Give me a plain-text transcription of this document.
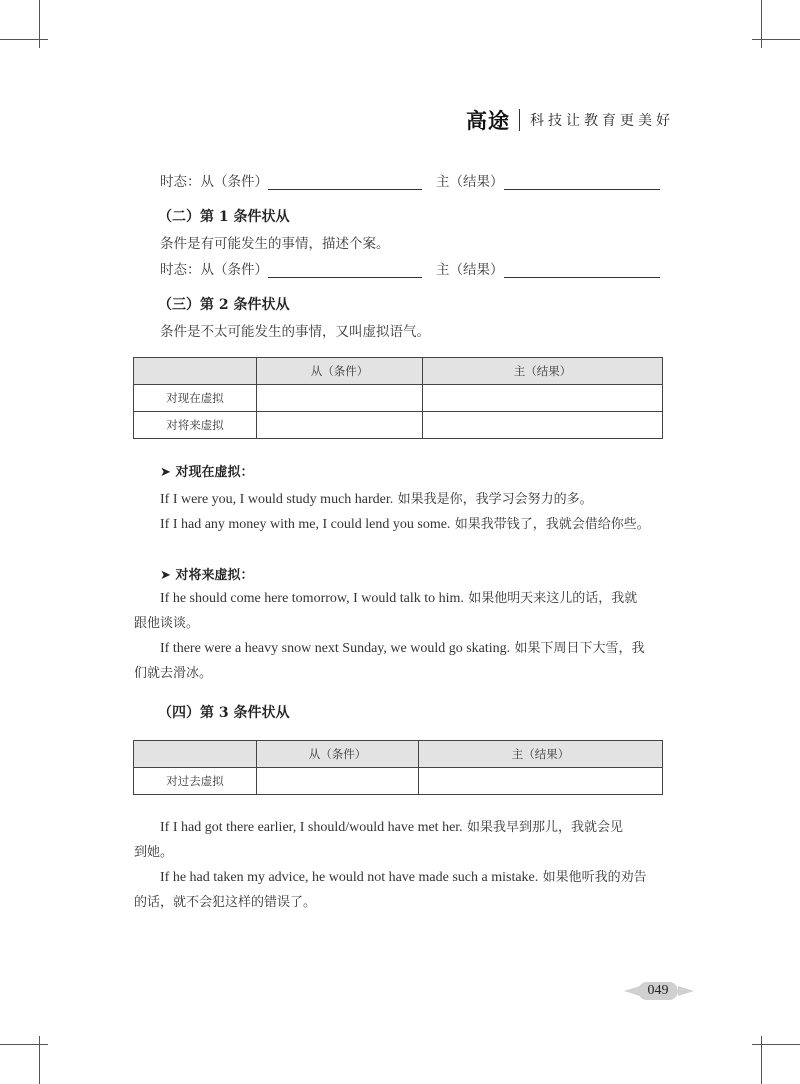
高途 科技让教育更美好
时态：从（条件）	主（结果）
（二）第 1 条件状从
条件是有可能发生的事情，描述个案。
时态：从（条件）	主（结果）
（三）第 2 条件状从
条件是不太可能发生的事情，又叫虚拟语气。
	从（条件）	主（结果）
对现在虚拟		
对将来虚拟		
➤ 对现在虚拟：
If I were you, I would study much harder. 如果我是你，我学习会努力的多。
If I had any money with me, I could lend you some. 如果我带钱了，我就会借给你些。
➤ 对将来虚拟：
If he should come here tomorrow, I would talk to him. 如果他明天来这儿的话，我就
跟他谈谈。
If there were a heavy snow next Sunday, we would go skating. 如果下周日下大雪，我
们就去滑冰。
（四）第 3 条件状从
	从（条件）	主（结果）
对过去虚拟		
If I had got there earlier, I should/would have met her. 如果我早到那儿，我就会见
到她。
If he had taken my advice, he would not have made such a mistake. 如果他听我的劝告
的话，就不会犯这样的错误了。
049
